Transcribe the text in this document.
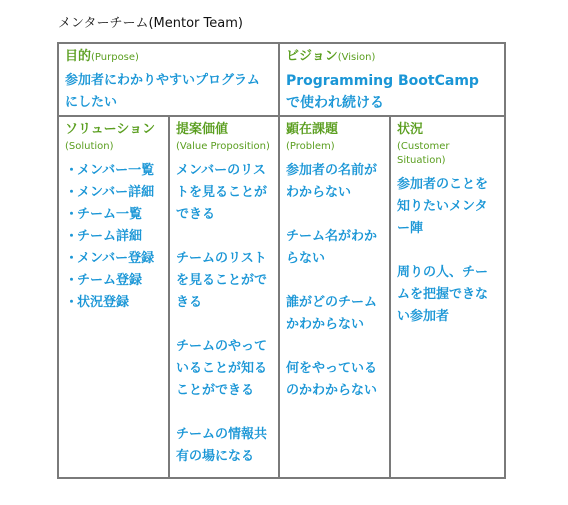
メンターチーム(Mentor Team)
目的(Purpose)
参加者にわかりやすいプログラムにしたい
ビジョン(Vision)
Programming BootCamp
で使われ続ける
ソリューション
(Solution)
・メンバー一覧
・メンバー詳細
・チーム一覧
・チーム詳細
・メンバー登録
・チーム登録
・状況登録
提案価値
(Value Proposition)

メンバーのリストを見ることができる

チームのリストを見ることができる

チームのやっていることが知ることができる

チームの情報共有の場になる

顕在課題
(Problem)

参加者の名前がわからない

チーム名がわからない

誰がどのチームかわからない

何をやっているのかわからない

状況
(Customer Situation)

参加者のことを知りたいメンター陣

周りの人、チームを把握できない参加者
